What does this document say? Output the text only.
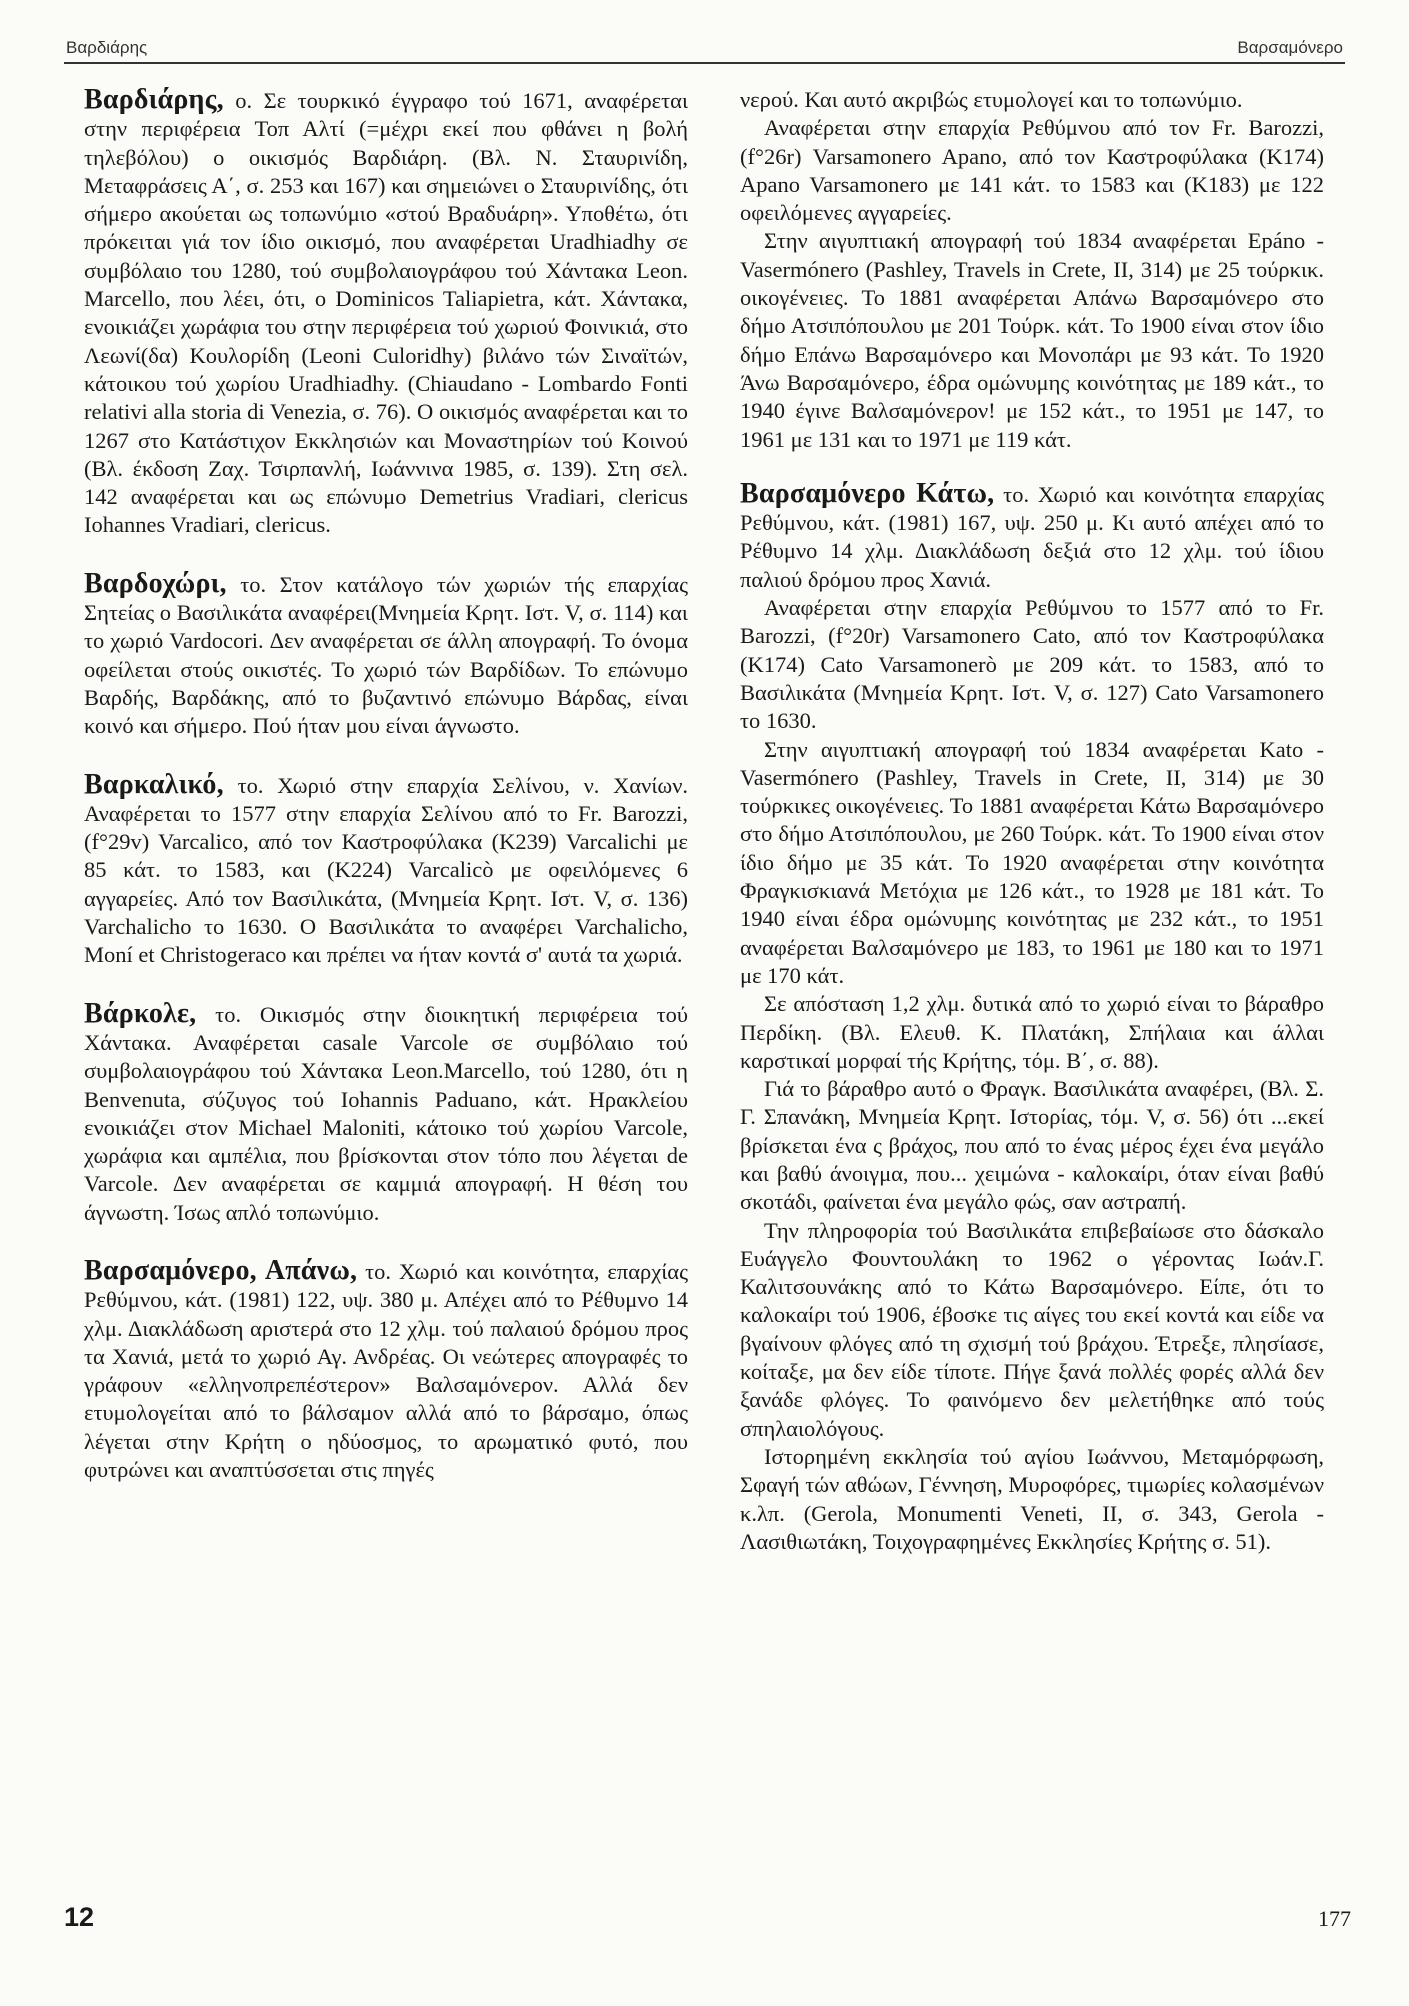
Βαρδιάρης	Βαρσαμόνερο

Βαρδιάρης, ο. Σε τουρκικό έγγραφο τού 1671, αναφέρεται στην περιφέρεια Τοπ Αλτί (=μέχρι εκεί που φθάνει η βολή τηλεβόλου) ο οικισμός Βαρδιάρη. (Βλ. Ν. Σταυρινίδη, Μεταφράσεις Α΄, σ. 253 και 167) και σημειώνει ο Σταυρινίδης, ότι σήμερο ακούεται ως τοπωνύμιο «στού Βραδυάρη». Υποθέτω, ότι πρόκειται γιά τον ίδιο οικισμό, που αναφέρεται Uradhiadhy σε συμβόλαιο του 1280, τού συμβολαιογράφου τού Χάντακα Leon. Marcello, που λέει, ότι, ο Dominicos Taliapietra, κάτ. Χάντακα, ενοικιάζει χωράφια του στην περιφέρεια τού χωριού Φοινικιά, στο Λεωνί(δα) Κουλορίδη (Leoni Culoridhy) βιλάνο τών Σιναϊτών, κάτοικου τού χωρίου Uradhiadhy. (Chiaudano - Lombardo Fonti relativi alla storia di Venezia, σ. 76). Ο οικισμός αναφέρεται και το 1267 στο Κατάστιχον Εκκλησιών και Μοναστηρίων τού Κοινού (Βλ. έκδοση Ζαχ. Τσιρπανλή, Ιωάννινα 1985, σ. 139). Στη σελ. 142 αναφέρεται και ως επώνυμο Demetrius Vradiari, clericus Iohannes Vradiari, clericus.

Βαρδοχώρι, το. Στον κατάλογο τών χωριών τής επαρχίας Σητείας ο Βασιλικάτα αναφέρει(Μνημεία Κρητ. Ιστ. V, σ. 114) και το χωριό Vardocori. Δεν αναφέρεται σε άλλη απογραφή. Το όνομα οφείλεται στούς οικιστές. Το χωριό τών Βαρδίδων. Το επώνυμο Βαρδής, Βαρδάκης, από το βυζαντινό επώνυμο Βάρδας, είναι κοινό και σήμερο. Πού ήταν μου είναι άγνωστο.

Βαρκαλικό, το. Χωριό στην επαρχία Σελίνου, ν. Χανίων. Αναφέρεται το 1577 στην επαρχία Σελίνου από το Fr. Barozzi, (f°29v) Varcalico, από τον Καστροφύλακα (K239) Varcalichi με 85 κάτ. το 1583, και (K224) Varcalicò με οφειλόμενες 6 αγγαρείες. Από τον Βασιλικάτα, (Μνημεία Κρητ. Ιστ. V, σ. 136) Varchalicho το 1630. Ο Βασιλικάτα το αναφέρει Varchalicho, Moní et Christogeraco και πρέπει να ήταν κοντά σ' αυτά τα χωριά.

Βάρκολε, το. Οικισμός στην διοικητική περιφέρεια τού Χάντακα. Αναφέρεται casale Varcole σε συμβόλαιο τού συμβολαιογράφου τού Χάντακα Leon.Marcello, τού 1280, ότι η Benvenuta, σύζυγος τού Iohannis Paduano, κάτ. Ηρακλείου ενοικιάζει στον Michael Maloniti, κάτοικο τού χωρίου Varcole, χωράφια και αμπέλια, που βρίσκονται στον τόπο που λέγεται de Varcole. Δεν αναφέρεται σε καμμιά απογραφή. Η θέση του άγνωστη. Ίσως απλό τοπωνύμιο.

Βαρσαμόνερο, Απάνω, το. Χωριό και κοινότητα, επαρχίας Ρεθύμνου, κάτ. (1981) 122, υψ. 380 μ. Απέχει από το Ρέθυμνο 14 χλμ. Διακλάδωση αριστερά στο 12 χλμ. τού παλαιού δρόμου προς τα Χανιά, μετά το χωριό Αγ. Ανδρέας. Οι νεώτερες απογραφές το γράφουν «ελληνοπρεπέστερον» Βαλσαμόνερον. Αλλά δεν ετυμολογείται από το βάλσαμον αλλά από το βάρσαμο, όπως λέγεται στην Κρήτη ο ηδύοσμος, το αρωματικό φυτό, που φυτρώνει και αναπτύσσεται στις πηγές

νερού. Και αυτό ακριβώς ετυμολογεί και το τοπωνύμιο.

Αναφέρεται στην επαρχία Ρεθύμνου από τον Fr. Barozzi, (f°26r) Varsamonero Apano, από τον Καστροφύλακα (K174) Apano Varsamonero με 141 κάτ. το 1583 και (K183) με 122 οφειλόμενες αγγαρείες.

Στην αιγυπτιακή απογραφή τού 1834 αναφέρεται Epáno - Vasermónero (Pashley, Travels in Crete, II, 314) με 25 τούρκικ. οικογένειες. Το 1881 αναφέρεται Απάνω Βαρσαμόνερο στο δήμο Ατσιπόπουλου με 201 Τούρκ. κάτ. Το 1900 είναι στον ίδιο δήμο Επάνω Βαρσαμόνερο και Μονοπάρι με 93 κάτ. Το 1920 Άνω Βαρσαμόνερο, έδρα ομώνυμης κοινότητας με 189 κάτ., το 1940 έγινε Βαλσαμόνερον! με 152 κάτ., το 1951 με 147, το 1961 με 131 και το 1971 με 119 κάτ.

Βαρσαμόνερο Κάτω, το. Χωριό και κοινότητα επαρχίας Ρεθύμνου, κάτ. (1981) 167, υψ. 250 μ. Κι αυτό απέχει από το Ρέθυμνο 14 χλμ. Διακλάδωση δεξιά στο 12 χλμ. τού ίδιου παλιού δρόμου προς Χανιά.

Αναφέρεται στην επαρχία Ρεθύμνου το 1577 από το Fr. Barozzi, (f°20r) Varsamonero Cato, από τον Καστροφύλακα (K174) Cato Varsamonerò με 209 κάτ. το 1583, από το Βασιλικάτα (Μνημεία Κρητ. Ιστ. V, σ. 127) Cato Varsamonero το 1630.

Στην αιγυπτιακή απογραφή τού 1834 αναφέρεται Kato - Vasermónero (Pashley, Travels in Crete, II, 314) με 30 τούρκικες οικογένειες. Το 1881 αναφέρεται Κάτω Βαρσαμόνερο στο δήμο Ατσιπόπουλου, με 260 Τούρκ. κάτ. Το 1900 είναι στον ίδιο δήμο με 35 κάτ. Το 1920 αναφέρεται στην κοινότητα Φραγκισκιανά Μετόχια με 126 κάτ., το 1928 με 181 κάτ. Το 1940 είναι έδρα ομώνυμης κοινότητας με 232 κάτ., το 1951 αναφέρεται Βαλσαμόνερο με 183, το 1961 με 180 και το 1971 με 170 κάτ.

Σε απόσταση 1,2 χλμ. δυτικά από το χωριό είναι το βάραθρο Περδίκη. (Βλ. Ελευθ. Κ. Πλατάκη, Σπήλαια και άλλαι καρστικαί μορφαί τής Κρήτης, τόμ. Β΄, σ. 88).

Γιά το βάραθρο αυτό ο Φραγκ. Βασιλικάτα αναφέρει, (Βλ. Σ. Γ. Σπανάκη, Μνημεία Κρητ. Ιστορίας, τόμ. V, σ. 56) ότι ...εκεί βρίσκεται ένα ς βράχος, που από το ένας μέρος έχει ένα μεγάλο και βαθύ άνοιγμα, που... χειμώνα - καλοκαίρι, όταν είναι βαθύ σκοτάδι, φαίνεται ένα μεγάλο φώς, σαν αστραπή.

Την πληροφορία τού Βασιλικάτα επιβεβαίωσε στο δάσκαλο Ευάγγελο Φουντουλάκη το 1962 ο γέροντας Ιωάν.Γ. Καλιτσουνάκης από το Κάτω Βαρσαμόνερο. Είπε, ότι το καλοκαίρι τού 1906, έβοσκε τις αίγες του εκεί κοντά και είδε να βγαίνουν φλόγες από τη σχισμή τού βράχου. Έτρεξε, πλησίασε, κοίταξε, μα δεν είδε τίποτε. Πήγε ξανά πολλές φορές αλλά δεν ξανάδε φλόγες. Το φαινόμενο δεν μελετήθηκε από τούς σπηλαιολόγους.

Ιστορημένη εκκλησία τού αγίου Ιωάννου, Μεταμόρφωση, Σφαγή τών αθώων, Γέννηση, Μυροφόρες, τιμωρίες κολασμένων κ.λπ. (Gerola, Monumenti Veneti, II, σ. 343, Gerola - Λασιθιωτάκη, Τοιχογραφημένες Εκκλησίες Κρήτης σ. 51).

12	177
